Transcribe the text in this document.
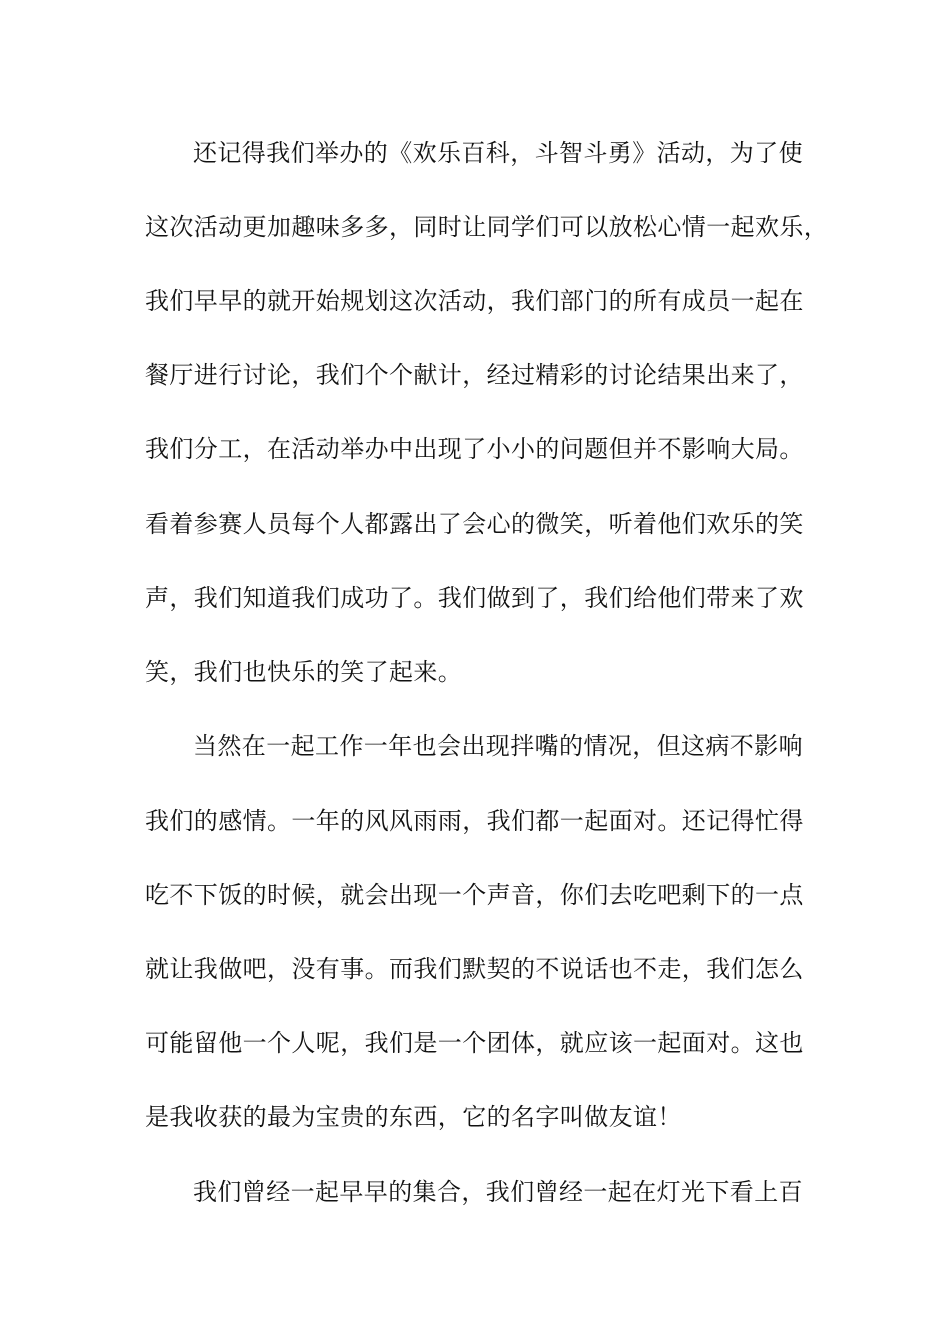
还记得我们举办的《欢乐百科，斗智斗勇》活动，为了使
这次活动更加趣味多多，同时让同学们可以放松心情一起欢乐，
我们早早的就开始规划这次活动，我们部门的所有成员一起在
餐厅进行讨论，我们个个献计，经过精彩的讨论结果出来了，
我们分工，在活动举办中出现了小小的问题但并不影响大局。
看着参赛人员每个人都露出了会心的微笑，听着他们欢乐的笑
声，我们知道我们成功了。我们做到了，我们给他们带来了欢
笑，我们也快乐的笑了起来。
当然在一起工作一年也会出现拌嘴的情况，但这病不影响
我们的感情。一年的风风雨雨，我们都一起面对。还记得忙得
吃不下饭的时候，就会出现一个声音，你们去吃吧剩下的一点
就让我做吧，没有事。而我们默契的不说话也不走，我们怎么
可能留他一个人呢，我们是一个团体，就应该一起面对。这也
是我收获的最为宝贵的东西，它的名字叫做友谊！
我们曾经一起早早的集合，我们曾经一起在灯光下看上百
